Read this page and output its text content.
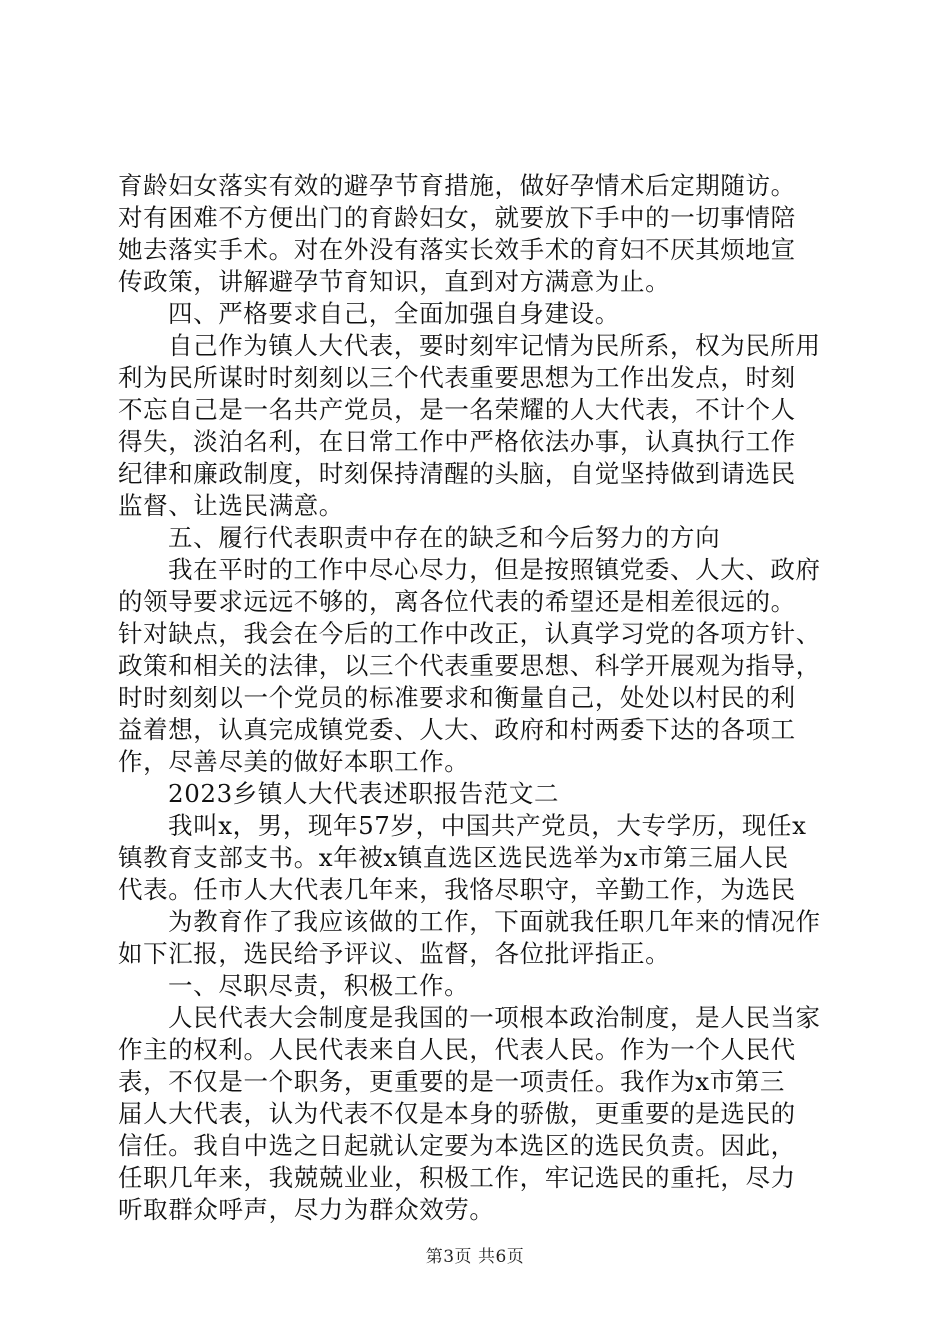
育龄妇女落实有效的避孕节育措施，做好孕情术后定期随访。
对有困难不方便出门的育龄妇女，就要放下手中的一切事情陪
她去落实手术。对在外没有落实长效手术的育妇不厌其烦地宣
传政策，讲解避孕节育知识，直到对方满意为止。
四、严格要求自己，全面加强自身建设。
自己作为镇人大代表，要时刻牢记情为民所系，权为民所用
利为民所谋时时刻刻以三个代表重要思想为工作出发点，时刻
不忘自己是一名共产党员，是一名荣耀的人大代表，不计个人
得失，淡泊名利，在日常工作中严格依法办事，认真执行工作
纪律和廉政制度，时刻保持清醒的头脑，自觉坚持做到请选民
监督、让选民满意。
五、履行代表职责中存在的缺乏和今后努力的方向
我在平时的工作中尽心尽力，但是按照镇党委、人大、政府
的领导要求远远不够的，离各位代表的希望还是相差很远的。
针对缺点，我会在今后的工作中改正，认真学习党的各项方针、
政策和相关的法律，以三个代表重要思想、科学开展观为指导，
时时刻刻以一个党员的标准要求和衡量自己，处处以村民的利
益着想，认真完成镇党委、人大、政府和村两委下达的各项工
作，尽善尽美的做好本职工作。
2023乡镇人大代表述职报告范文二
我叫x，男，现年57岁，中国共产党员，大专学历，现任x
镇教育支部支书。x年被x镇直选区选民选举为x市第三届人民
代表。任市人大代表几年来，我恪尽职守，辛勤工作，为选民
为教育作了我应该做的工作，下面就我任职几年来的情况作
如下汇报，选民给予评议、监督，各位批评指正。
一、尽职尽责，积极工作。
人民代表大会制度是我国的一项根本政治制度，是人民当家
作主的权利。人民代表来自人民，代表人民。作为一个人民代
表，不仅是一个职务，更重要的是一项责任。我作为x市第三
届人大代表，认为代表不仅是本身的骄傲，更重要的是选民的
信任。我自中选之日起就认定要为本选区的选民负责。因此，
任职几年来，我兢兢业业，积极工作，牢记选民的重托，尽力
听取群众呼声，尽力为群众效劳。
第3页 共6页
